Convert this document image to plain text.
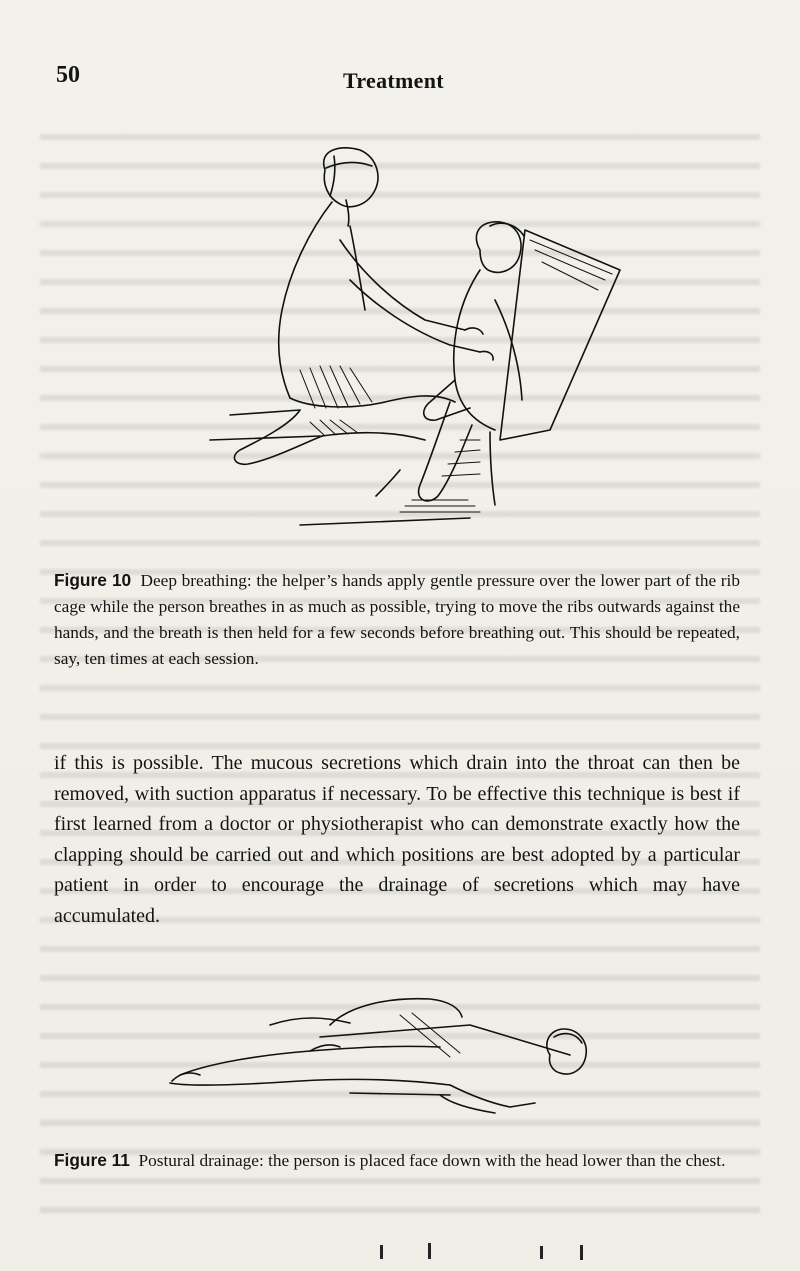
50	Treatment
Figure 10 Deep breathing: the helper’s hands apply gentle pressure over the lower part of the rib cage while the person breathes in as much as possible, trying to move the ribs outwards against the hands, and the breath is then held for a few seconds before breathing out. This should be repeated, say, ten times at each session.
if this is possible. The mucous secretions which drain into the throat can then be removed, with suction apparatus if necessary. To be effective this technique is best if first learned from a doctor or physiotherapist who can demonstrate exactly how the clapping should be carried out and which positions are best adopted by a particular patient in order to encourage the drainage of secretions which may have accumulated.
Figure 11 Postural drainage: the person is placed face down with the head lower than the chest.
